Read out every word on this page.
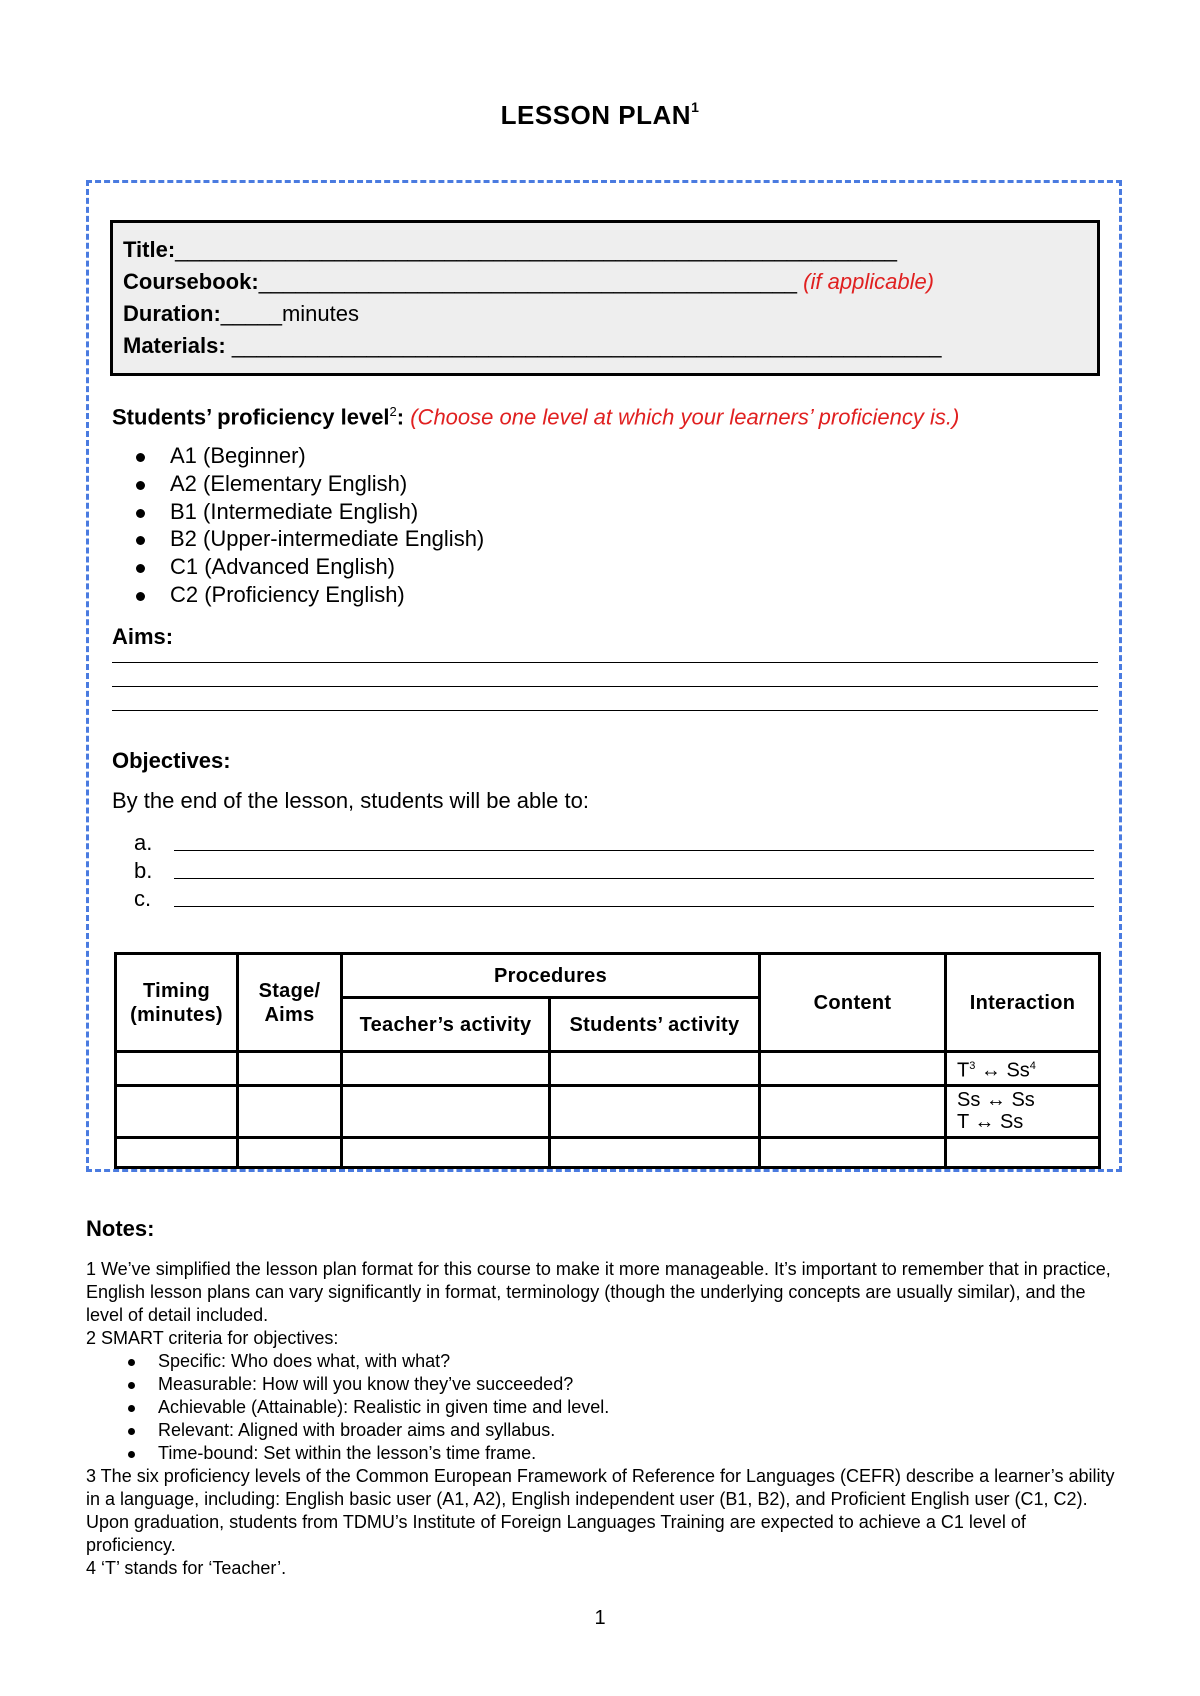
LESSON PLAN$^1$
Title:___________________________________________________________
Coursebook:____________________________________________ (if applicable)
Duration:_____minutes
Materials: __________________________________________________________
Students’ proficiency level$^2$: (Choose one level at which your learners’ proficiency is.)
A1 (Beginner)
A2 (Elementary English)
B1 (Intermediate English)
B2 (Upper-intermediate English)
C1 (Advanced English)
C2 (Proficiency English)
Aims:
Objectives:
By the end of the lesson, students will be able to:
a.
b.
c.
Timing (minutes)	Stage/ Aims	Procedures		Content	Interaction
		Teacher’s activity	Students’ activity		
					$T^3$ ↔ Ss$^4$

					Ss ↔ Ss
T ↔ Ss

Notes:

1 We’ve simplified the lesson plan format for this course to make it more manageable. It’s important to remember that in practice, English lesson plans can vary significantly in format, terminology (though the underlying concepts are usually similar), and the level of detail included.

2 SMART criteria for objectives:

Specific: Who does what, with what?
Measurable: How will you know they’ve succeeded?
Achievable (Attainable): Realistic in given time and level.
Relevant: Aligned with broader aims and syllabus.
Time-bound: Set within the lesson’s time frame.

3 The six proficiency levels of the Common European Framework of Reference for Languages (CEFR) describe a learner’s ability in a language, including: English basic user (A1, A2), English independent user (B1, B2), and Proficient English user (C1, C2). Upon graduation, students from TDMU’s Institute of Foreign Languages Training are expected to achieve a C1 level of proficiency.

4 ‘T’ stands for ‘Teacher’.

1
